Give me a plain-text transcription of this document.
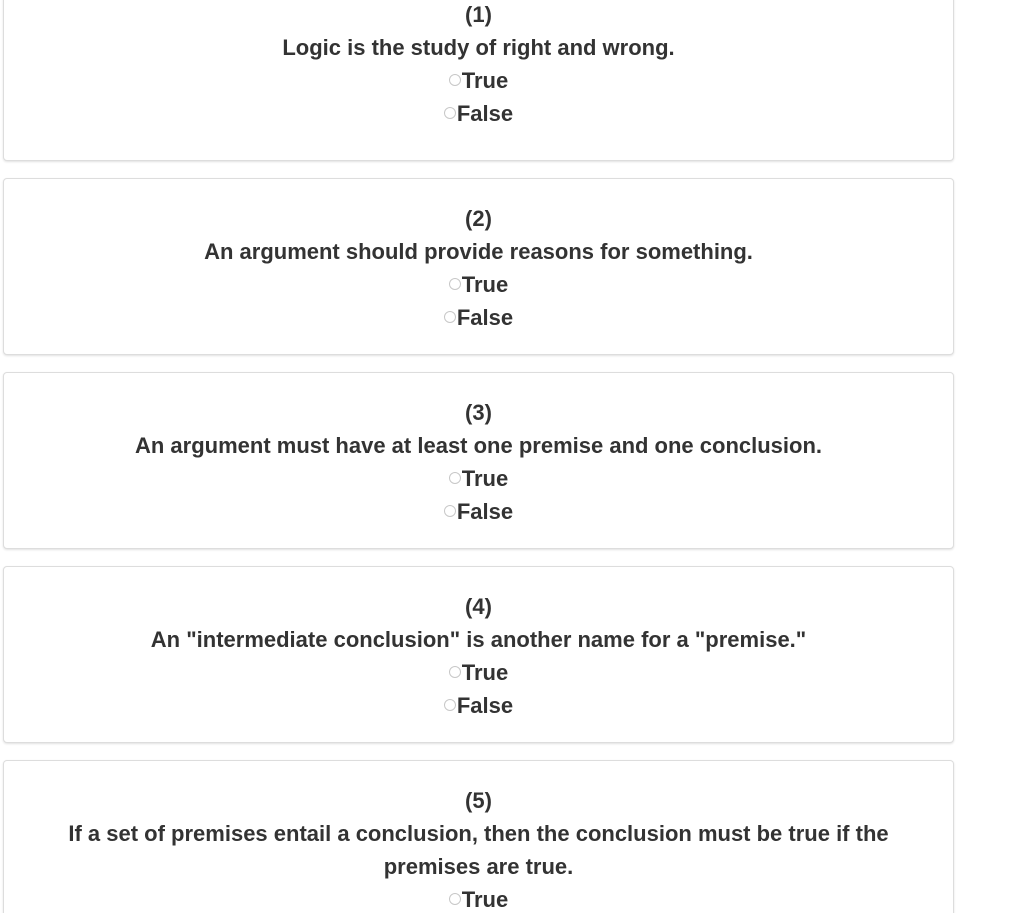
(1)
Logic is the study of right and wrong.
True
False
(2)
An argument should provide reasons for something.
True
False
(3)
An argument must have at least one premise and one conclusion.
True
False
(4)
An "intermediate conclusion" is another name for a "premise."
True
False
(5)
If a set of premises entail a conclusion, then the conclusion must be true if the premises are true.
True
